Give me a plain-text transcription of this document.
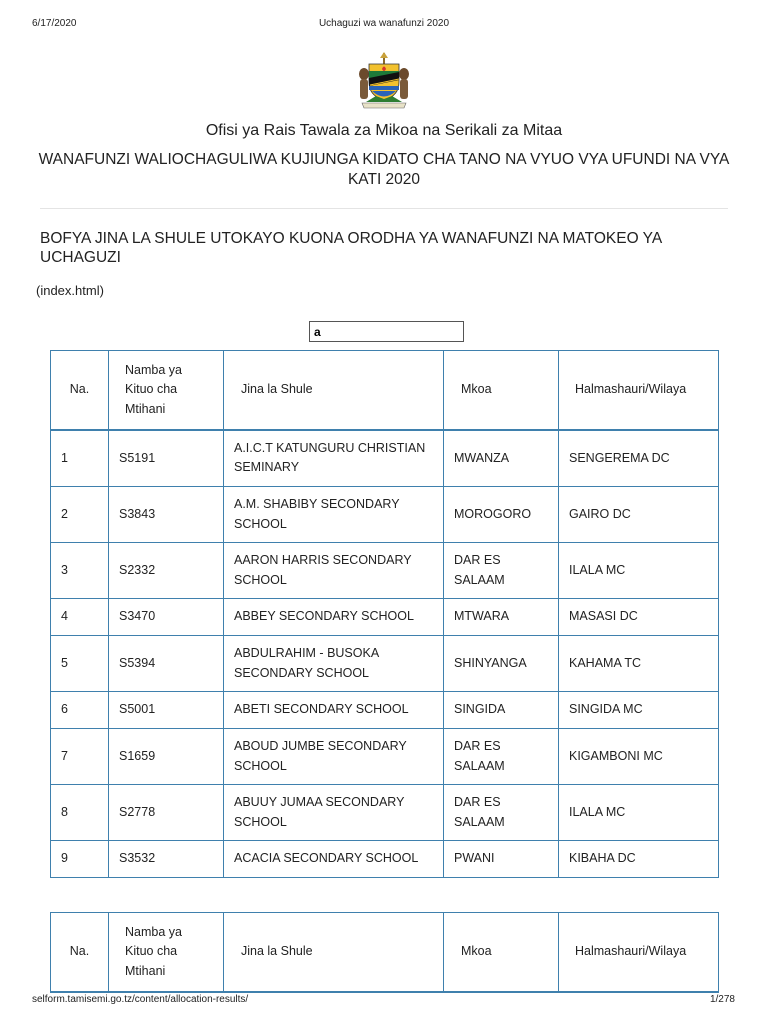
6/17/2020	Uchaguzi wa wanafunzi 2020
Ofisi ya Rais Tawala za Mikoa na Serikali za Mitaa
WANAFUNZI WALIOCHAGULIWA KUJIUNGA KIDATO CHA TANO NA VYUO VYA UFUNDI NA VYA KATI 2020
BOFYA JINA LA SHULE UTOKAYO KUONA ORODHA YA WANAFUNZI NA MATOKEO YA UCHAGUZI
(index.html)
a
Na.	Namba ya
Kituo cha
Mtihani	Jina la Shule	Mkoa	Halmashauri/Wilaya
1	S5191	A.I.C.T KATUNGURU CHRISTIAN SEMINARY	MWANZA	SENGEREMA DC
2	S3843	A.M. SHABIBY SECONDARY SCHOOL	MOROGORO	GAIRO DC
3	S2332	AARON HARRIS SECONDARY SCHOOL	DAR ES SALAAM	ILALA MC
4	S3470	ABBEY SECONDARY SCHOOL	MTWARA	MASASI DC
5	S5394	ABDULRAHIM - BUSOKA SECONDARY SCHOOL	SHINYANGA	KAHAMA TC
6	S5001	ABETI SECONDARY SCHOOL	SINGIDA	SINGIDA MC
7	S1659	ABOUD JUMBE SECONDARY SCHOOL	DAR ES SALAAM	KIGAMBONI MC
8	S2778	ABUUY JUMAA SECONDARY SCHOOL	DAR ES SALAAM	ILALA MC
9	S3532	ACACIA SECONDARY SCHOOL	PWANI	KIBAHA DC
Na.	
Namba ya
Kituo cha
Mtihani
	Jina la Shule	Mkoa	Halmashauri/Wilaya
selform.tamisemi.go.tz/content/allocation-results/	1/278
